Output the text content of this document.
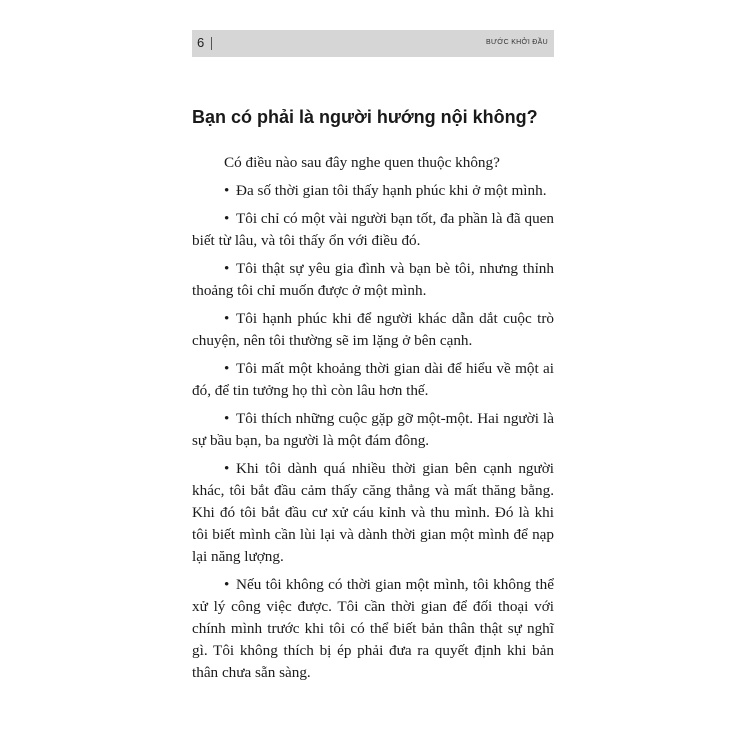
6	BƯỚC KHỞI ĐẦU
Bạn có phải là người hướng nội không?

Có điều nào sau đây nghe quen thuộc không?

• Đa số thời gian tôi thấy hạnh phúc khi ở một mình.

• Tôi chỉ có một vài người bạn tốt, đa phần là đã quen biết từ lâu, và tôi thấy ổn với điều đó.

• Tôi thật sự yêu gia đình và bạn bè tôi, nhưng thỉnh thoảng tôi chỉ muốn được ở một mình.

• Tôi hạnh phúc khi để người khác dẫn dắt cuộc trò chuyện, nên tôi thường sẽ im lặng ở bên cạnh.

• Tôi mất một khoảng thời gian dài để hiểu về một ai đó, để tin tưởng họ thì còn lâu hơn thế.

• Tôi thích những cuộc gặp gỡ một-một. Hai người là sự bầu bạn, ba người là một đám đông.

• Khi tôi dành quá nhiều thời gian bên cạnh người khác, tôi bắt đầu cảm thấy căng thẳng và mất thăng bằng. Khi đó tôi bắt đầu cư xử cáu kỉnh và thu mình. Đó là khi tôi biết mình cần lùi lại và dành thời gian một mình để nạp lại năng lượng.

• Nếu tôi không có thời gian một mình, tôi không thể xử lý công việc được. Tôi cần thời gian để đối thoại với chính mình trước khi tôi có thể biết bản thân thật sự nghĩ gì. Tôi không thích bị ép phải đưa ra quyết định khi bản thân chưa sẵn sàng.
